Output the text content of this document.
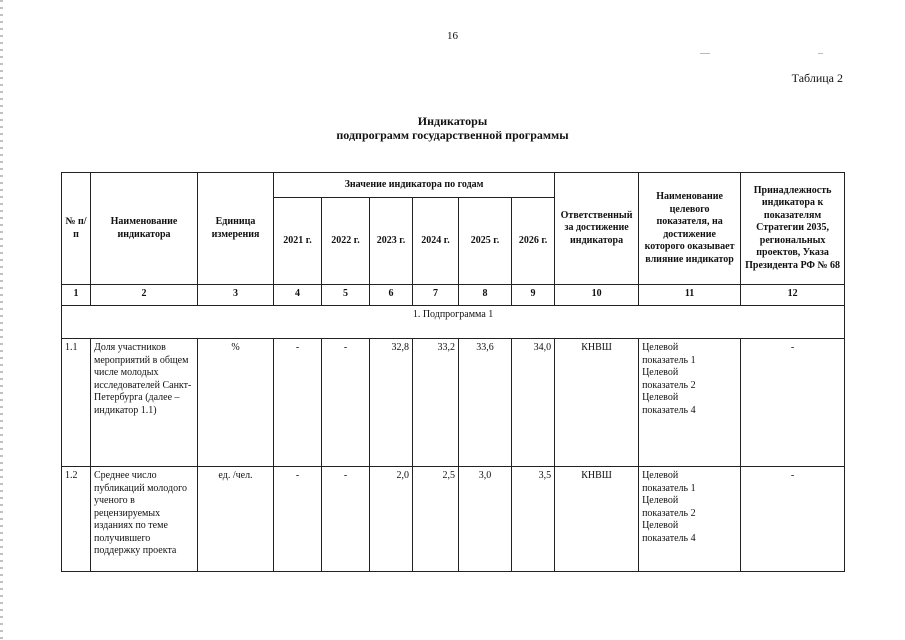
16
Таблица 2
Индикаторы
подпрограмм государственной программы
№ п/п	Наименование индикатора	Единица измерения	Значение индикатора по годам						Ответственный за достижение индикатора	Наименование целевого показателя, на достижение которого оказывает влияние индикатор	Принадлежность индикатора к показателям Стратегии 2035, региональных проектов, Указа Президента РФ № 68
			2021 г.	2022 г.	2023 г.	2024 г.	2025 г.	2026 г.			
1	2	3	4	5	6	7	8	9	10	11	12
1. Подпрограмма 1											
1.1	Доля участников мероприятий в общем числе молодых исследователей Санкт-Петербурга (далее – индикатор 1.1)	%	-	-	32,8	33,2	33,6	34,0	КНВШ	Целевой показатель 1 Целевой показатель 2 Целевой показатель 4	-
1.2	Среднее число публикаций молодого ученого в рецензируемых изданиях по теме получившего поддержку проекта	ед. /чел.	-	-	2,0	2,5	3,0	3,5	КНВШ	Целевой показатель 1 Целевой показатель 2 Целевой показатель 4	-
